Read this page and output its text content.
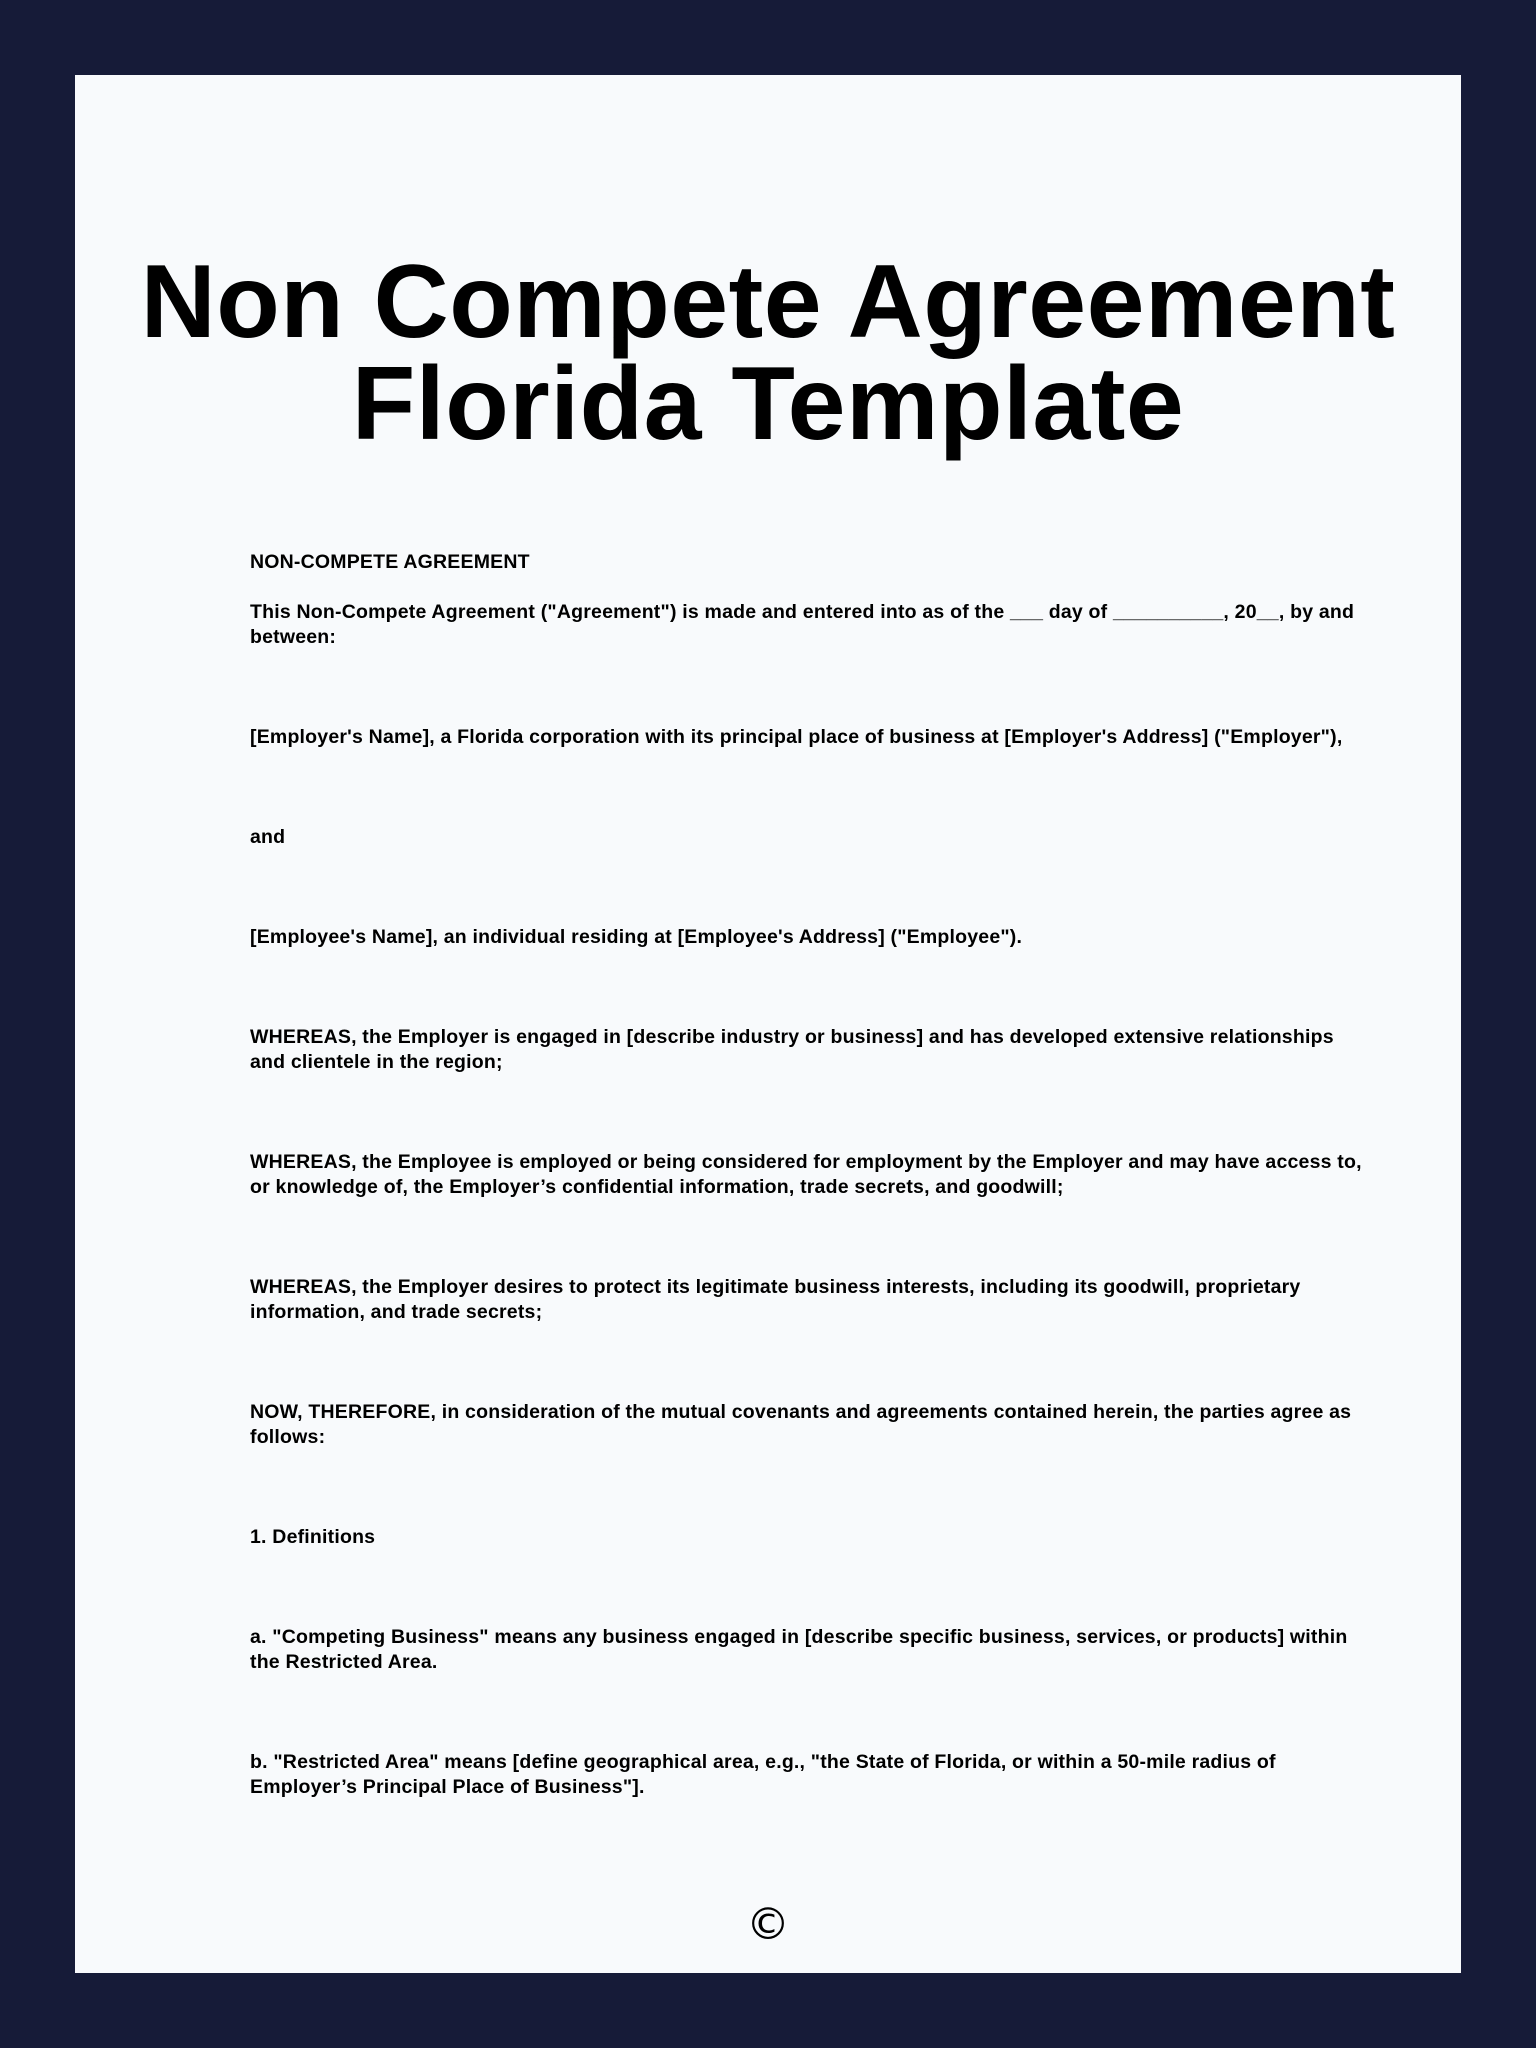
Non Compete Agreement
Florida Template

NON-COMPETE AGREEMENT

This Non-Compete Agreement ("Agreement") is made and entered into as of the ___ day of __________, 20__, by and between:

[Employer's Name], a Florida corporation with its principal place of business at [Employer's Address] ("Employer"),

and

[Employee's Name], an individual residing at [Employee's Address] ("Employee").

WHEREAS, the Employer is engaged in [describe industry or business] and has developed extensive relationships and clientele in the region;

WHEREAS, the Employee is employed or being considered for employment by the Employer and may have access to, or knowledge of, the Employer’s confidential information, trade secrets, and goodwill;

WHEREAS, the Employer desires to protect its legitimate business interests, including its goodwill, proprietary information, and trade secrets;

NOW, THEREFORE, in consideration of the mutual covenants and agreements contained herein, the parties agree as follows:

1. Definitions

a. "Competing Business" means any business engaged in [describe specific business, services, or products] within the Restricted Area.

b. "Restricted Area" means [define geographical area, e.g., "the State of Florida, or within a 50-mile radius of Employer’s Principal Place of Business"].

©
